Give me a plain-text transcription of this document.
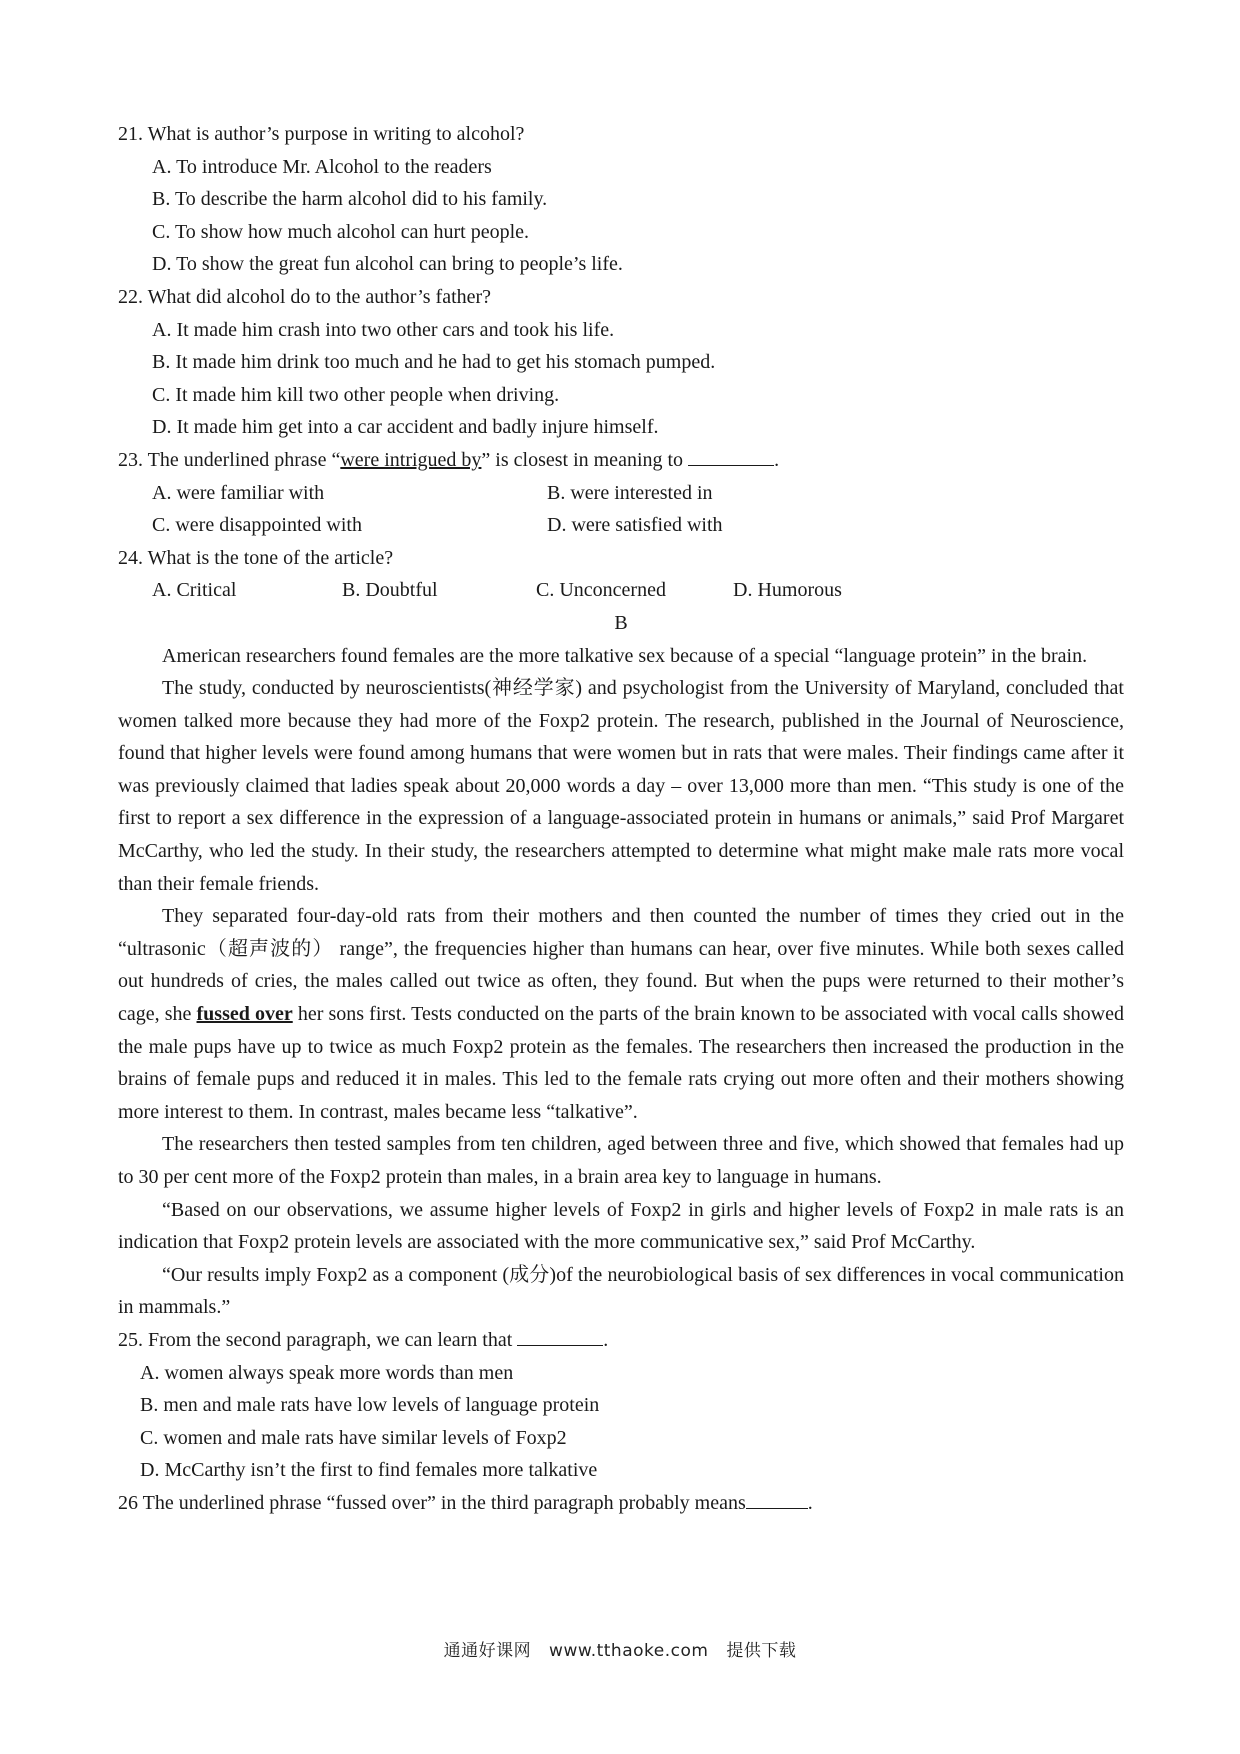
21. What is author’s purpose in writing to alcohol?
A. To introduce Mr. Alcohol to the readers
B. To describe the harm alcohol did to his family.
C. To show how much alcohol can hurt people.
D. To show the great fun alcohol can bring to people’s life.
22. What did alcohol do to the author’s father?
A. It made him crash into two other cars and took his life.
B. It made him drink too much and he had to get his stomach pumped.
C. It made him kill two other people when driving.
D. It made him get into a car accident and badly injure himself.
23. The underlined phrase “were intrigued by” is closest in meaning to	.
A. were familiar with	B. were interested in
C. were disappointed with	D. were satisfied with
24. What is the tone of the article?
A. Critical	B. Doubtful	C. Unconcerned	D. Humorous
B

American researchers found females are the more talkative sex because of a special “language protein” in the brain.

The study, conducted by neuroscientists(神经学家) and psychologist from the University of Maryland, concluded that women talked more because they had more of the Foxp2 protein. The research, published in the Journal of Neuroscience, found that higher levels were found among humans that were women but in rats that were males. Their findings came after it was previously claimed that ladies speak about 20,000 words a day – over 13,000 more than men. “This study is one of the first to report a sex difference in the expression of a language-associated protein in humans or animals,” said Prof Margaret McCarthy, who led the study. In their study, the researchers attempted to determine what might make male rats more vocal than their female friends.

They separated four-day-old rats from their mothers and then counted the number of times they cried out in the “ultrasonic（超声波的） range”, the frequencies higher than humans can hear, over five minutes. While both sexes called out hundreds of cries, the males called out twice as often, they found. But when the pups were returned to their mother’s cage, she fussed over her sons first. Tests conducted on the parts of the brain known to be associated with vocal calls showed the male pups have up to twice as much Foxp2 protein as the females. The researchers then increased the production in the brains of female pups and reduced it in males. This led to the female rats crying out more often and their mothers showing more interest to them. In contrast, males became less “talkative”.

The researchers then tested samples from ten children, aged between three and five, which showed that females had up to 30 per cent more of the Foxp2 protein than males, in a brain area key to language in humans.

“Based on our observations, we assume higher levels of Foxp2 in girls and higher levels of Foxp2 in male rats is an indication that Foxp2 protein levels are associated with the more communicative sex,” said Prof McCarthy.

“Our results imply Foxp2 as a component (成分)of the neurobiological basis of sex differences in vocal communication in mammals.”

25. From the second paragraph, we can learn that	.
A. women always speak more words than men
B. men and male rats have low levels of language protein
C. women and male rats have similar levels of Foxp2
D. McCarthy isn’t the first to find females more talkative
26 The underlined phrase “fussed over” in the third paragraph probably means	.
通通好课网 www.tthaoke.com 提供下载
